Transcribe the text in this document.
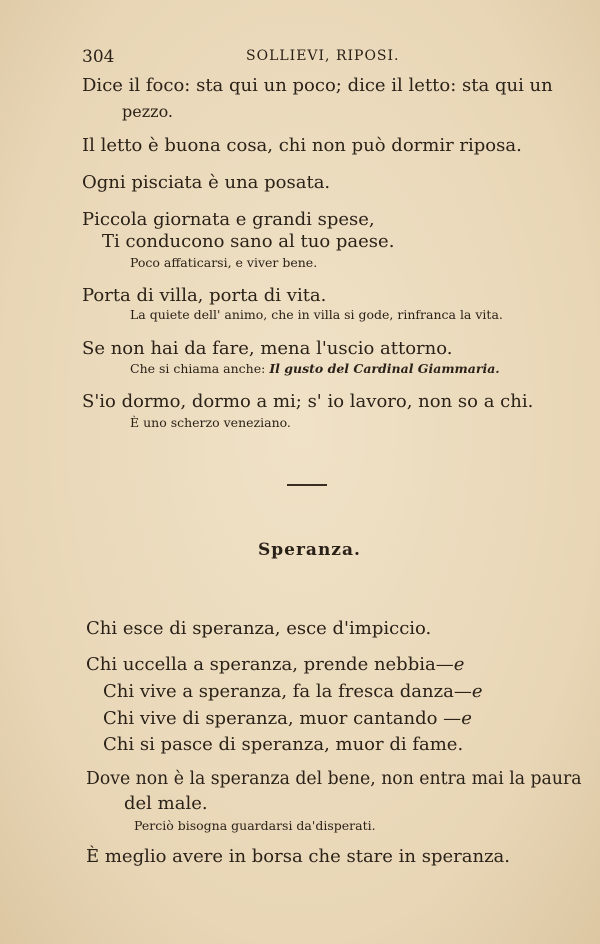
304	SOLLIEVI, RIPOSI.
Dice il foco: sta qui un poco; dice il letto: sta qui un
pezzo.
Il letto è buona cosa, chi non può dormir riposa.
Ogni pisciata è una posata.
Piccola giornata e grandi spese,
Ti conducono sano al tuo paese.
Poco affaticarsi, e viver bene.
Porta di villa, porta di vita.
La quiete dell' animo, che in villa si gode, rinfranca la vita.
Se non hai da fare, mena l'uscio attorno.
Che si chiama anche: Il gusto del Cardinal Giammaria.
S'io dormo, dormo a mi; s' io lavoro, non so a chi.
È uno scherzo veneziano.
Speranza.
Chi esce di speranza, esce d'impiccio.
Chi uccella a speranza, prende nebbia—e
Chi vive a speranza, fa la fresca danza—e
Chi vive di speranza, muor cantando —e
Chi si pasce di speranza, muor di fame.
Dove non è la speranza del bene, non entra mai la paura
del male.
Perciò bisogna guardarsi da'disperati.
È meglio avere in borsa che stare in speranza.
